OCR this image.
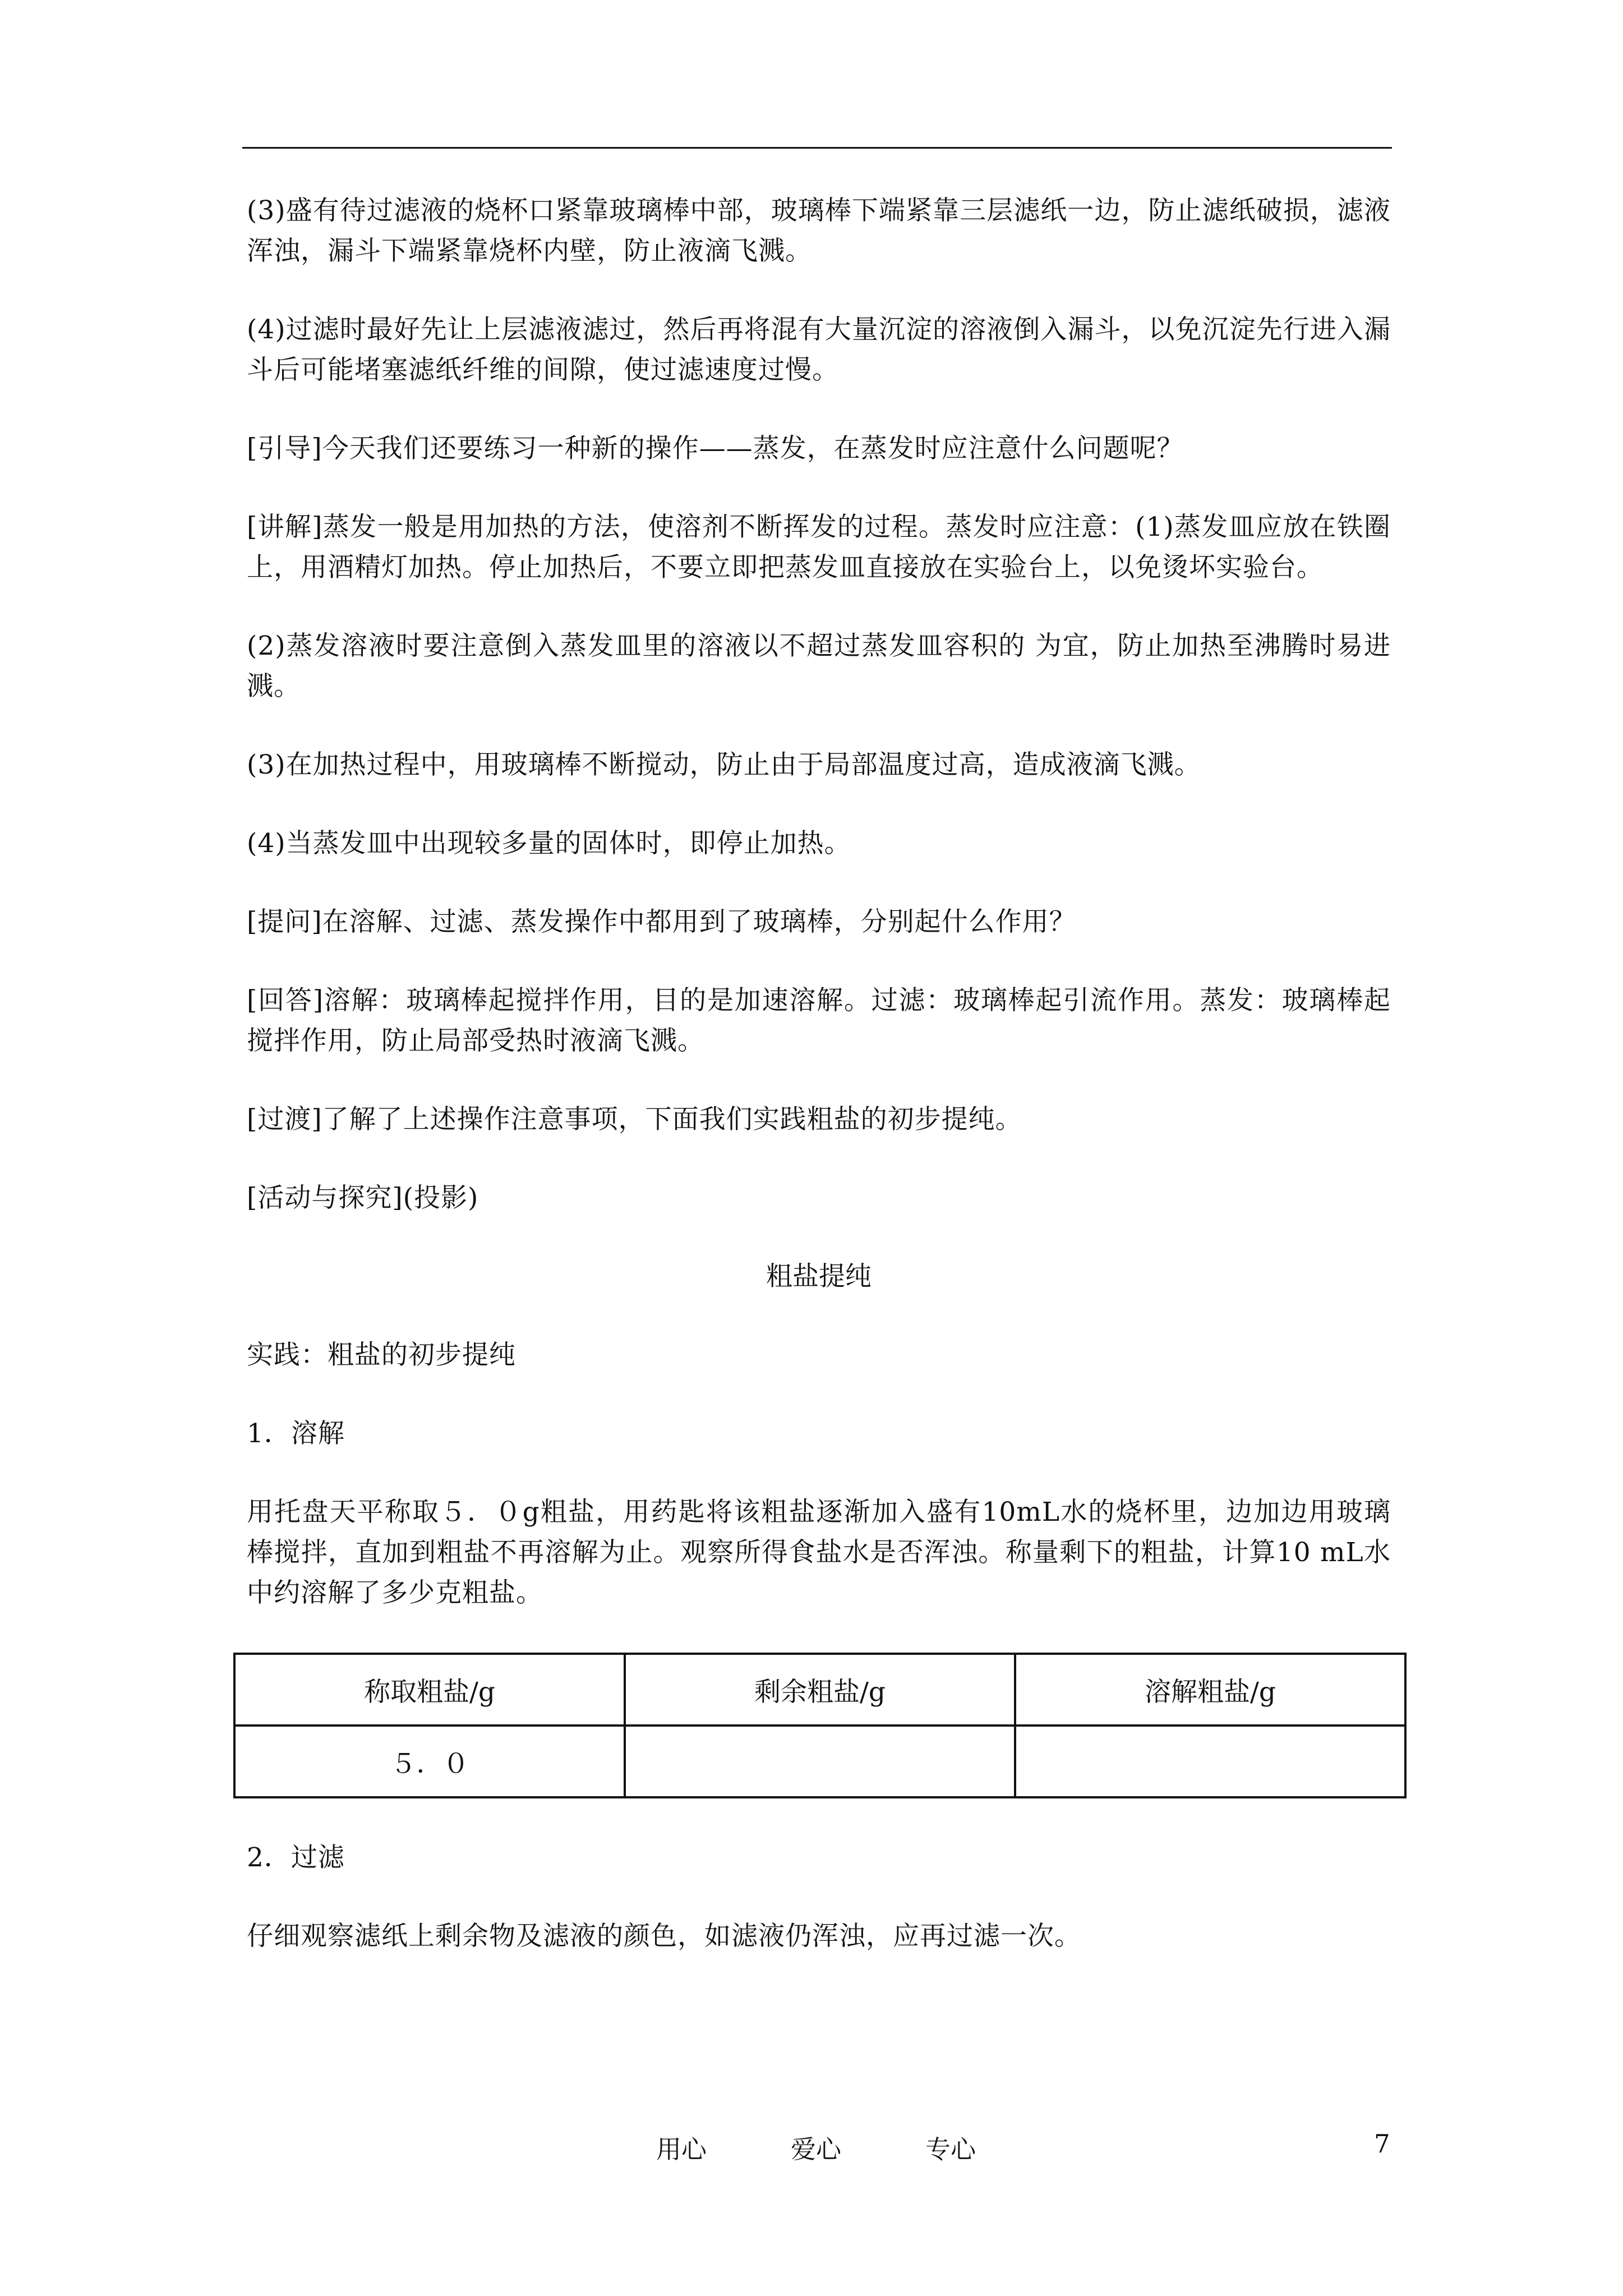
(3)盛有待过滤液的烧杯口紧靠玻璃棒中部，玻璃棒下端紧靠三层滤纸一边，防止滤纸破损，滤液浑浊，漏斗下端紧靠烧杯内壁，防止液滴飞溅。

(4)过滤时最好先让上层滤液滤过，然后再将混有大量沉淀的溶液倒入漏斗，以免沉淀先行进入漏斗后可能堵塞滤纸纤维的间隙，使过滤速度过慢。

[引导]今天我们还要练习一种新的操作——蒸发，在蒸发时应注意什么问题呢？

[讲解]蒸发一般是用加热的方法，使溶剂不断挥发的过程。蒸发时应注意：(1)蒸发皿应放在铁圈上，用酒精灯加热。停止加热后，不要立即把蒸发皿直接放在实验台上，以免烫坏实验台。

(2)蒸发溶液时要注意倒入蒸发皿里的溶液以不超过蒸发皿容积的 为宜，防止加热至沸腾时易进溅。

(3)在加热过程中，用玻璃棒不断搅动，防止由于局部温度过高，造成液滴飞溅。

(4)当蒸发皿中出现较多量的固体时，即停止加热。

[提问]在溶解、过滤、蒸发操作中都用到了玻璃棒，分别起什么作用？

[回答]溶解：玻璃棒起搅拌作用，目的是加速溶解。过滤：玻璃棒起引流作用。蒸发：玻璃棒起搅拌作用，防止局部受热时液滴飞溅。

[过渡]了解了上述操作注意事项，下面我们实践粗盐的初步提纯。

[活动与探究](投影)

粗盐提纯

实践：粗盐的初步提纯

1．溶解

用托盘天平称取５．０g粗盐，用药匙将该粗盐逐渐加入盛有10mL水的烧杯里，边加边用玻璃棒搅拌，直加到粗盐不再溶解为止。观察所得食盐水是否浑浊。称量剩下的粗盐，计算10 mL水中约溶解了多少克粗盐。

称取粗盐/g	剩余粗盐/g	溶解粗盐/g
５．０		

2．过滤

仔细观察滤纸上剩余物及滤液的颜色，如滤液仍浑浊，应再过滤一次。

用心	爱心	专心	7
